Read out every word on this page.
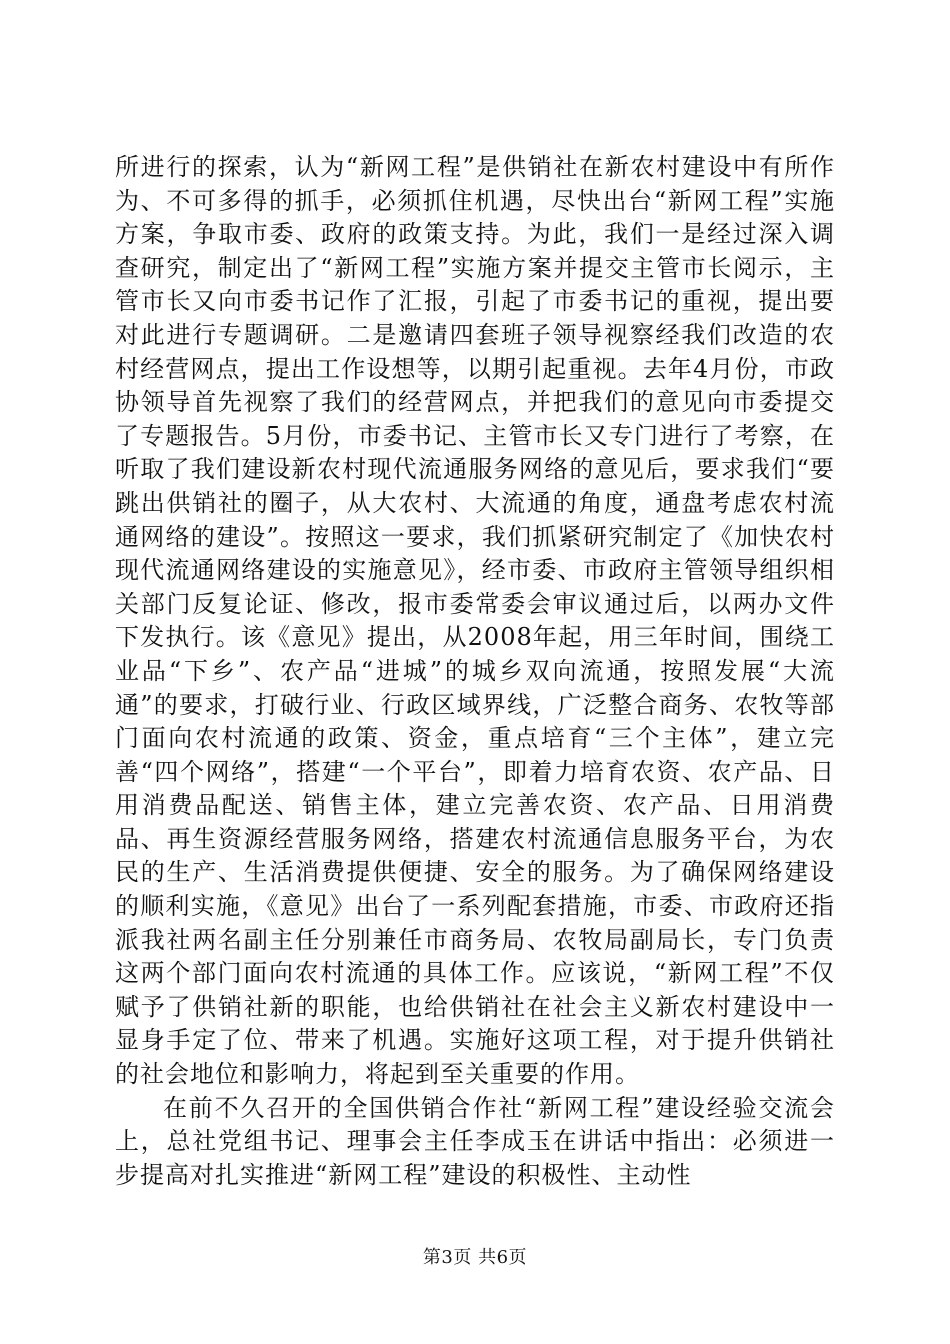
所进行的探索，认为“新网工程”是供销社在新农村建设中有所作为、不可多得的抓手，必须抓住机遇，尽快出台“新网工程”实施方案，争取市委、政府的政策支持。为此，我们一是经过深入调查研究，制定出了“新网工程”实施方案并提交主管市长阅示，主管市长又向市委书记作了汇报，引起了市委书记的重视，提出要对此进行专题调研。二是邀请四套班子领导视察经我们改造的农村经营网点，提出工作设想等，以期引起重视。去年4月份，市政协领导首先视察了我们的经营网点，并把我们的意见向市委提交了专题报告。5月份，市委书记、主管市长又专门进行了考察，在听取了我们建设新农村现代流通服务网络的意见后，要求我们“要跳出供销社的圈子，从大农村、大流通的角度，通盘考虑农村流通网络的建设”。按照这一要求，我们抓紧研究制定了《加快农村现代流通网络建设的实施意见》，经市委、市政府主管领导组织相关部门反复论证、修改，报市委常委会审议通过后，以两办文件下发执行。该《意见》提出，从2008年起，用三年时间，围绕工业品“下乡”、农产品“进城”的城乡双向流通，按照发展“大流通”的要求，打破行业、行政区域界线，广泛整合商务、农牧等部门面向农村流通的政策、资金，重点培育“三个主体”，建立完善“四个网络”，搭建“一个平台”，即着力培育农资、农产品、日用消费品配送、销售主体，建立完善农资、农产品、日用消费品、再生资源经营服务网络，搭建农村流通信息服务平台，为农民的生产、生活消费提供便捷、安全的服务。为了确保网络建设的顺利实施，《意见》出台了一系列配套措施，市委、市政府还指派我社两名副主任分别兼任市商务局、农牧局副局长，专门负责这两个部门面向农村流通的具体工作。应该说，“新网工程”不仅赋予了供销社新的职能，也给供销社在社会主义新农村建设中一显身手定了位、带来了机遇。实施好这项工程，对于提升供销社的社会地位和影响力，将起到至关重要的作用。

在前不久召开的全国供销合作社“新网工程”建设经验交流会上，总社党组书记、理事会主任李成玉在讲话中指出：必须进一步提高对扎实推进“新网工程”建设的积极性、主动性

第3页 共6页
